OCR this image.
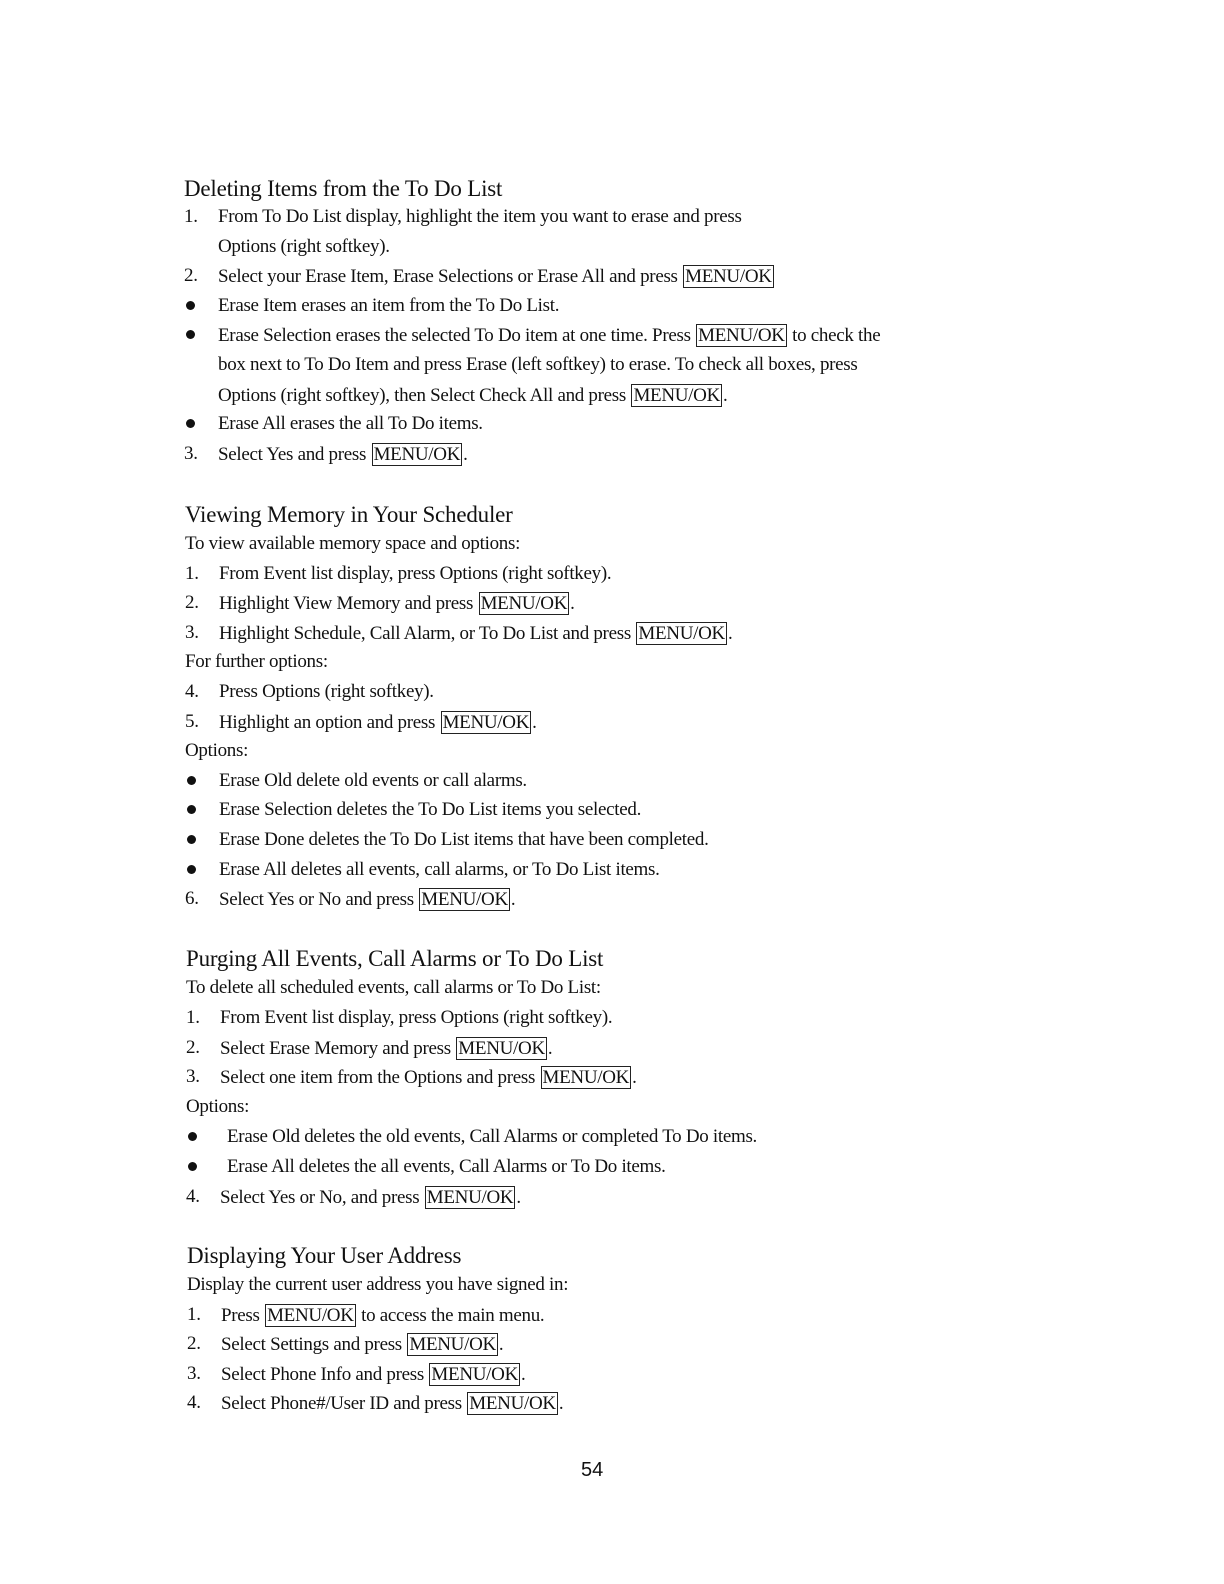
Deleting Items from the To Do List
1.	From To Do List display, highlight the item you want to erase and press
Options (right softkey).
2.	Select your Erase Item, Erase Selections or Erase All and press MENU/OK
Erase Item erases an item from the To Do List.
Erase Selection erases the selected To Do item at one time. Press MENU/OK to check the
box next to To Do Item and press Erase (left softkey) to erase. To check all boxes, press
Options (right softkey), then Select Check All and press MENU/OK .
Erase All erases the all To Do items.
3.	Select Yes and press MENU/OK .
Viewing Memory in Your Scheduler
To view available memory space and options:
1.	From Event list display, press Options (right softkey).
2.	Highlight View Memory and press MENU/OK .
3.	Highlight Schedule, Call Alarm, or To Do List and press MENU/OK .
For further options:
4.	Press Options (right softkey).
5.	Highlight an option and press MENU/OK .
Options:
Erase Old delete old events or call alarms.
Erase Selection deletes the To Do List items you selected.
Erase Done deletes the To Do List items that have been completed.
Erase All deletes all events, call alarms, or To Do List items.
6.	Select Yes or No and press MENU/OK .
Purging All Events, Call Alarms or To Do List
To delete all scheduled events, call alarms or To Do List:
1.	From Event list display, press Options (right softkey).
2.	Select Erase Memory and press MENU/OK .
3.	Select one item from the Options and press MENU/OK .
Options:
Erase Old deletes the old events, Call Alarms or completed To Do items.
Erase All deletes the all events, Call Alarms or To Do items.
4.	Select Yes or No, and press MENU/OK .
Displaying Your User Address
Display the current user address you have signed in:
1.	Press MENU/OK to access the main menu.
2.	Select Settings and press MENU/OK .
3.	Select Phone Info and press MENU/OK .
4.	Select Phone#/User ID and press MENU/OK .
54
